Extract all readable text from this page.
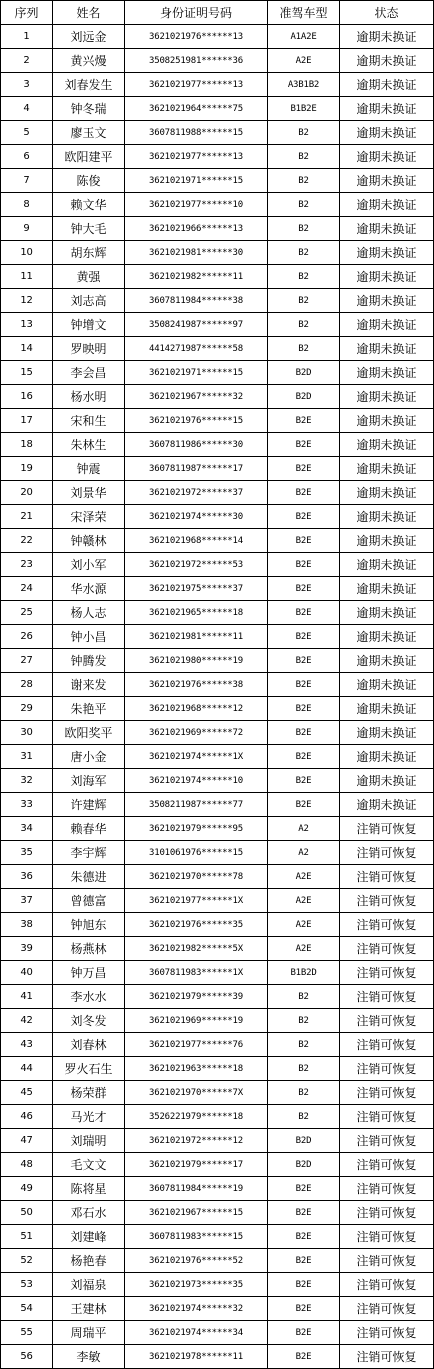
序列	姓名	身份证明号码	准驾车型	状态
1	刘远金	3621021976******13	A1A2E	逾期未换证
2	黄兴熳	3508251981******36	A2E	逾期未换证
3	刘春发生	3621021977******13	A3B1B2	逾期未换证
4	钟冬瑞	3621021964******75	B1B2E	逾期未换证
5	廖玉文	3607811988******15	B2	逾期未换证
6	欧阳建平	3621021977******13	B2	逾期未换证
7	陈俊	3621021971******15	B2	逾期未换证
8	赖文华	3621021977******10	B2	逾期未换证
9	钟大毛	3621021966******13	B2	逾期未换证
10	胡东辉	3621021981******30	B2	逾期未换证
11	黄强	3621021982******11	B2	逾期未换证
12	刘志高	3607811984******38	B2	逾期未换证
13	钟增文	3508241987******97	B2	逾期未换证
14	罗映明	4414271987******58	B2	逾期未换证
15	李会昌	3621021971******15	B2D	逾期未换证
16	杨水明	3621021967******32	B2D	逾期未换证
17	宋和生	3621021976******15	B2E	逾期未换证
18	朱林生	3607811986******30	B2E	逾期未换证
19	钟震	3607811987******17	B2E	逾期未换证
20	刘景华	3621021972******37	B2E	逾期未换证
21	宋泽荣	3621021974******30	B2E	逾期未换证
22	钟赣林	3621021968******14	B2E	逾期未换证
23	刘小军	3621021972******53	B2E	逾期未换证
24	华水源	3621021975******37	B2E	逾期未换证
25	杨人志	3621021965******18	B2E	逾期未换证
26	钟小昌	3621021981******11	B2E	逾期未换证
27	钟腾发	3621021980******19	B2E	逾期未换证
28	谢来发	3621021976******38	B2E	逾期未换证
29	朱艳平	3621021968******12	B2E	逾期未换证
30	欧阳奖平	3621021969******72	B2E	逾期未换证
31	唐小金	3621021974******1X	B2E	逾期未换证
32	刘海军	3621021974******10	B2E	逾期未换证
33	许建辉	3508211987******77	B2E	逾期未换证
34	赖春华	3621021979******95	A2	注销可恢复
35	李宇辉	3101061976******15	A2	注销可恢复
36	朱德进	3621021970******78	A2E	注销可恢复
37	曾德富	3621021977******1X	A2E	注销可恢复
38	钟旭东	3621021976******35	A2E	注销可恢复
39	杨燕林	3621021982******5X	A2E	注销可恢复
40	钟万昌	3607811983******1X	B1B2D	注销可恢复
41	李水水	3621021979******39	B2	注销可恢复
42	刘冬发	3621021969******19	B2	注销可恢复
43	刘春林	3621021977******76	B2	注销可恢复
44	罗火石生	3621021963******18	B2	注销可恢复
45	杨荣群	3621021970******7X	B2	注销可恢复
46	马光才	3526221979******18	B2	注销可恢复
47	刘瑞明	3621021972******12	B2D	注销可恢复
48	毛文文	3621021979******17	B2D	注销可恢复
49	陈将星	3607811984******19	B2E	注销可恢复
50	邓石水	3621021967******15	B2E	注销可恢复
51	刘建峰	3607811983******15	B2E	注销可恢复
52	杨艳春	3621021976******52	B2E	注销可恢复
53	刘福泉	3621021973******35	B2E	注销可恢复
54	王建林	3621021974******32	B2E	注销可恢复
55	周瑞平	3621021974******34	B2E	注销可恢复
56	李敏	3621021978******11	B2E	注销可恢复
